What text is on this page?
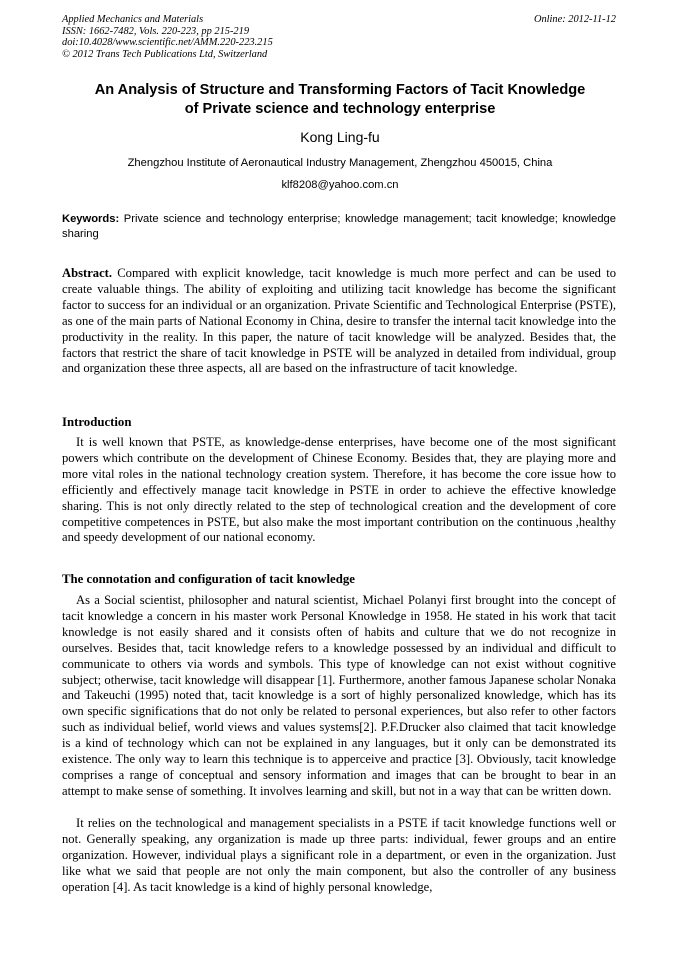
Applied Mechanics and Materials
ISSN: 1662-7482, Vols. 220-223, pp 215-219
doi:10.4028/www.scientific.net/AMM.220-223.215
© 2012 Trans Tech Publications Ltd, Switzerland
Online: 2012-11-12
An Analysis of Structure and Transforming Factors of Tacit Knowledge
of Private science and technology enterprise
Kong Ling-fu
Zhengzhou Institute of Aeronautical Industry Management, Zhengzhou 450015, China
klf8208@yahoo.com.cn
Keywords: Private science and technology enterprise; knowledge management; tacit knowledge; knowledge sharing
Abstract. Compared with explicit knowledge, tacit knowledge is much more perfect and can be used to create valuable things. The ability of exploiting and utilizing tacit knowledge has become the significant factor to success for an individual or an organization. Private Scientific and Technological Enterprise (PSTE), as one of the main parts of National Economy in China, desire to transfer the internal tacit knowledge into the productivity in the reality. In this paper, the nature of tacit knowledge will be analyzed. Besides that, the factors that restrict the share of tacit knowledge in PSTE will be analyzed in detailed from individual, group and organization these three aspects, all are based on the infrastructure of tacit knowledge.
Introduction
It is well known that PSTE, as knowledge-dense enterprises, have become one of the most significant powers which contribute on the development of Chinese Economy. Besides that, they are playing more and more vital roles in the national technology creation system. Therefore, it has become the core issue how to efficiently and effectively manage tacit knowledge in PSTE in order to achieve the effective knowledge sharing. This is not only directly related to the step of technological creation and the development of core competitive competences in PSTE, but also make the most important contribution on the continuous ,healthy and speedy development of our national economy.
The connotation and configuration of tacit knowledge
As a Social scientist, philosopher and natural scientist, Michael Polanyi first brought into the concept of tacit knowledge a concern in his master work Personal Knowledge in 1958. He stated in his work that tacit knowledge is not easily shared and it consists often of habits and culture that we do not recognize in ourselves. Besides that, tacit knowledge refers to a knowledge possessed by an individual and difficult to communicate to others via words and symbols. This type of knowledge can not exist without cognitive subject; otherwise, tacit knowledge will disappear [1]. Furthermore, another famous Japanese scholar Nonaka and Takeuchi (1995) noted that, tacit knowledge is a sort of highly personalized knowledge, which has its own specific significations that do not only be related to personal experiences, but also refer to other factors such as individual belief, world views and values systems[2]. P.F.Drucker also claimed that tacit knowledge is a kind of technology which can not be explained in any languages, but it only can be demonstrated its existence. The only way to learn this technique is to apperceive and practice [3]. Obviously, tacit knowledge comprises a range of conceptual and sensory information and images that can be brought to bear in an attempt to make sense of something. It involves learning and skill, but not in a way that can be written down.
It relies on the technological and management specialists in a PSTE if tacit knowledge functions well or not. Generally speaking, any organization is made up three parts: individual, fewer groups and an entire organization. However, individual plays a significant role in a department, or even in the organization. Just like what we said that people are not only the main component, but also the controller of any business operation [4]. As tacit knowledge is a kind of highly personal knowledge,
